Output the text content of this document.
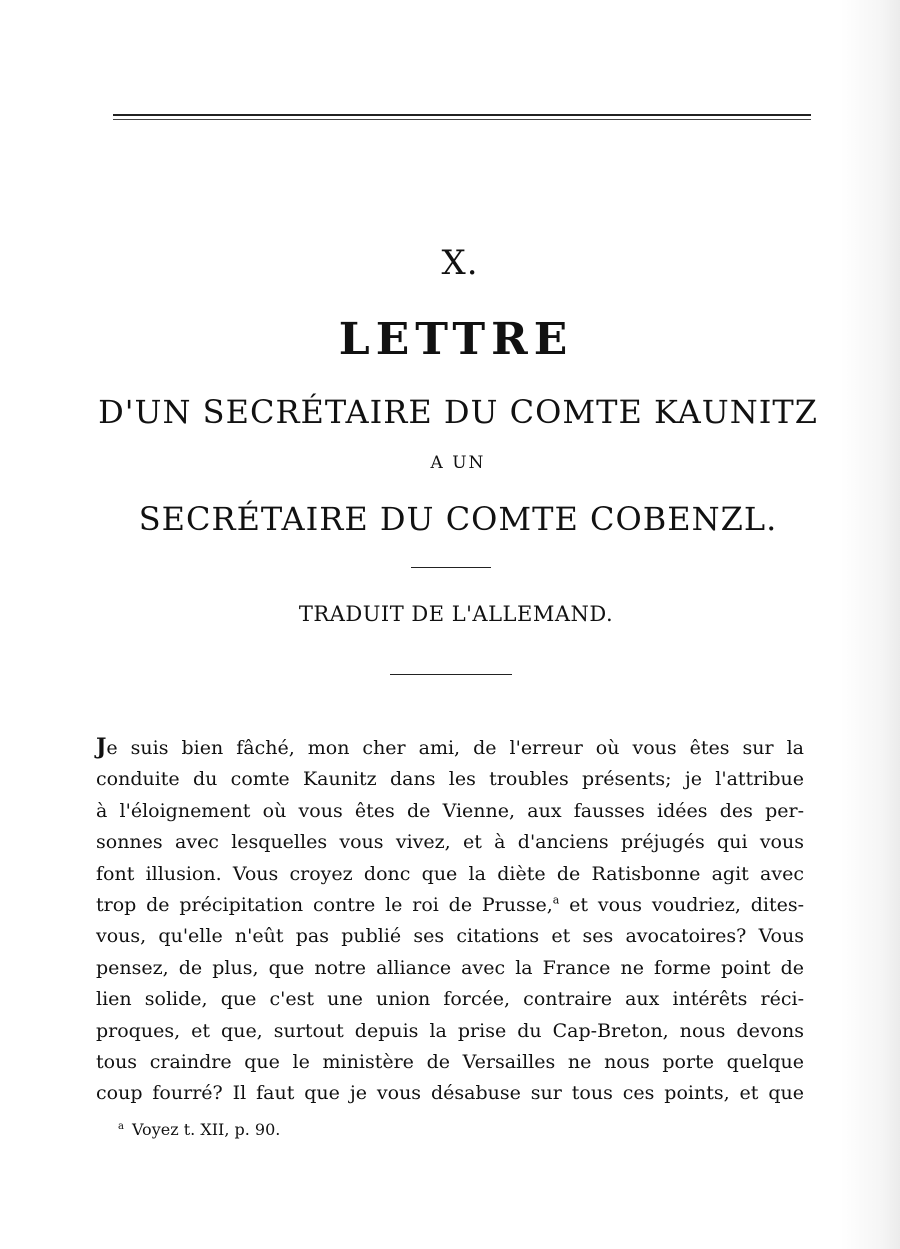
X.
LETTRE
D'UN SECRÉTAIRE DU COMTE KAUNITZ
A UN
SECRÉTAIRE DU COMTE COBENZL.
TRADUIT DE L'ALLEMAND.
Je suis bien fâché, mon cher ami, de l'erreur où vous êtes sur la
conduite du comte Kaunitz dans les troubles présents; je l'attribue
à l'éloignement où vous êtes de Vienne, aux fausses idées des per-
sonnes avec lesquelles vous vivez, et à d'anciens préjugés qui vous
font illusion. Vous croyez donc que la diète de Ratisbonne agit avec
trop de précipitation contre le roi de Prusse,$^a$ et vous voudriez, dites-
vous, qu'elle n'eût pas publié ses citations et ses avocatoires? Vous
pensez, de plus, que notre alliance avec la France ne forme point de
lien solide, que c'est une union forcée, contraire aux intérêts réci-
proques, et que, surtout depuis la prise du Cap-Breton, nous devons
tous craindre que le ministère de Versailles ne nous porte quelque
coup fourré? Il faut que je vous désabuse sur tous ces points, et que
$^a$ Voyez t. XII, p. 90.
